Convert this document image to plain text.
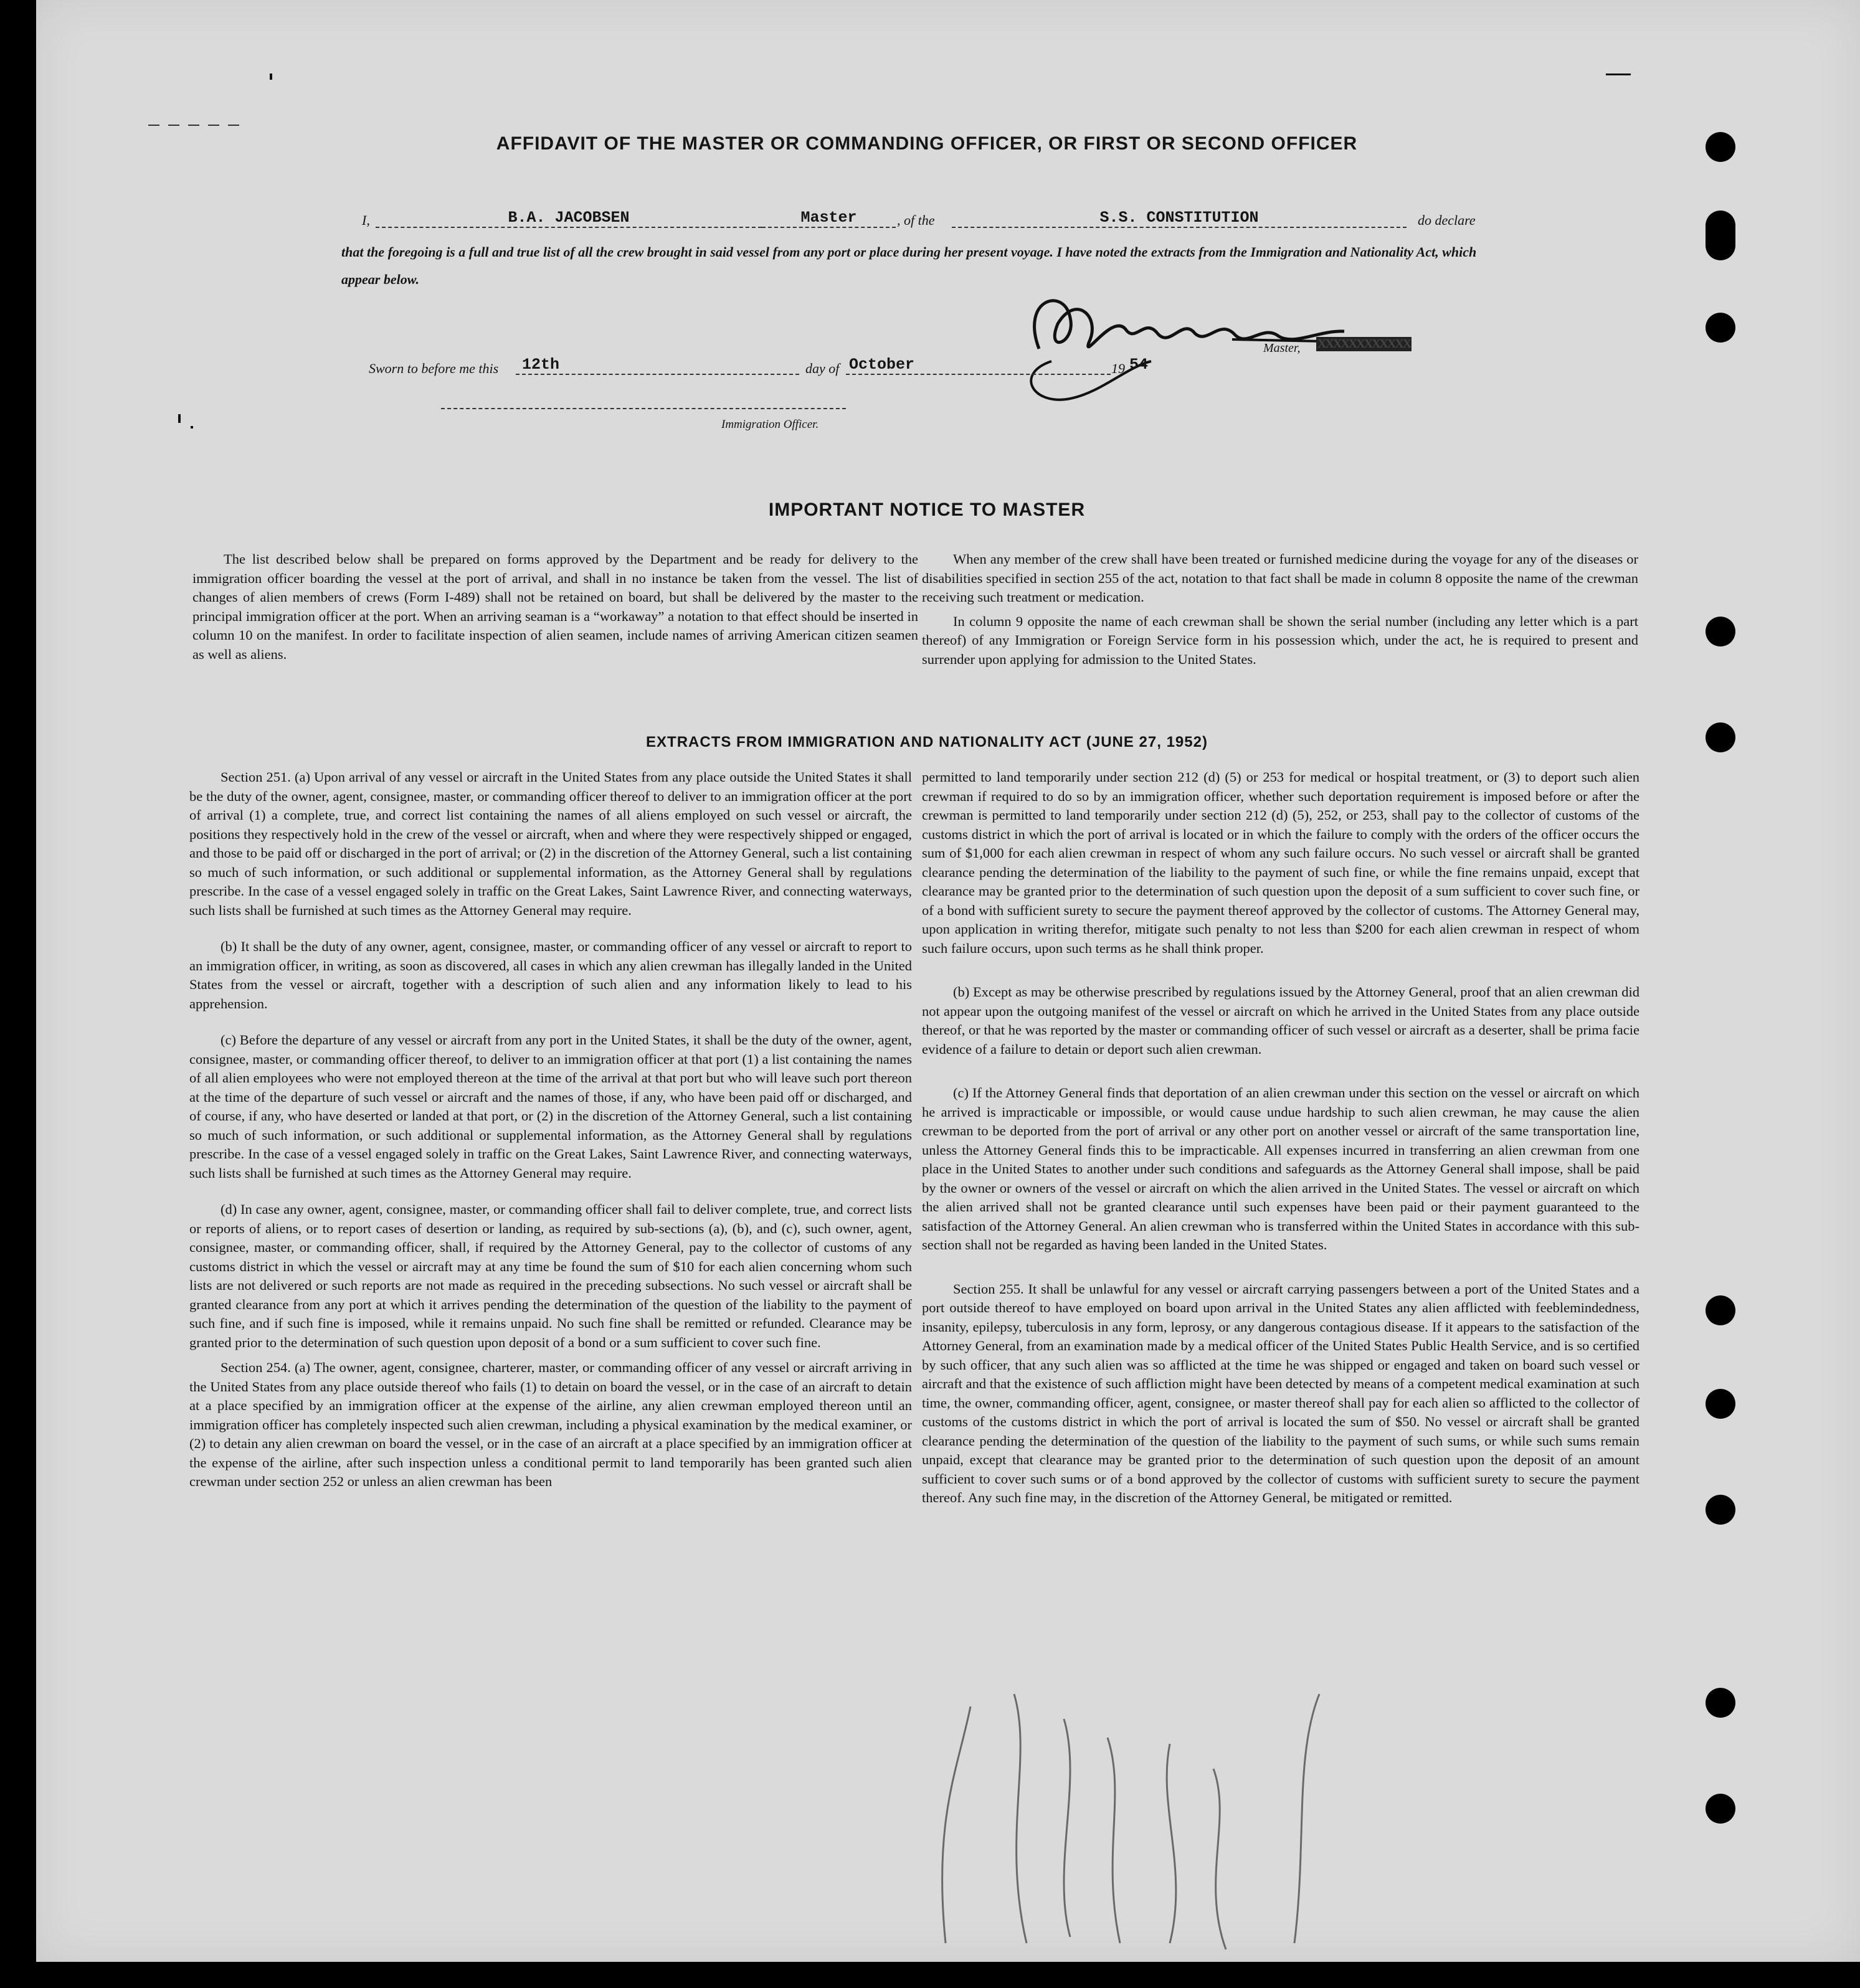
AFFIDAVIT OF THE MASTER OR COMMANDING OFFICER, OR FIRST OR SECOND OFFICER
I,	B.A. JACOBSEN	Master	, of the	S.S. CONSTITUTION	do declare
that the foregoing is a full and true list of all the crew brought in said vessel from any port or place during her present voyage. I have noted the extracts from the Immigration and Nationality Act, which appear below.
Master, XXXXXXXXXXXX
Sworn to before me this	12th	day of October	19 54
Immigration Officer.
IMPORTANT NOTICE TO MASTER

The list described below shall be prepared on forms approved by the Department and be ready for delivery to the immigration officer boarding the vessel at the port of arrival, and shall in no instance be taken from the vessel. The list of changes of alien members of crews (Form I-489) shall not be retained on board, but shall be delivered by the master to the principal immigration officer at the port. When an arriving seaman is a “workaway” a notation to that effect should be inserted in column 10 on the manifest. In order to facilitate inspection of alien seamen, include names of arriving American citizen seamen as well as aliens.

When any member of the crew shall have been treated or furnished medicine during the voyage for any of the diseases or disabilities specified in section 255 of the act, notation to that fact shall be made in column 8 opposite the name of the crewman receiving such treatment or medication.

In column 9 opposite the name of each crewman shall be shown the serial number (including any letter which is a part thereof) of any Immigration or Foreign Service form in his possession which, under the act, he is required to present and surrender upon applying for admission to the United States.

EXTRACTS FROM IMMIGRATION AND NATIONALITY ACT (JUNE 27, 1952)

Section 251. (a) Upon arrival of any vessel or aircraft in the United States from any place outside the United States it shall be the duty of the owner, agent, consignee, master, or commanding officer thereof to deliver to an immigration officer at the port of arrival (1) a complete, true, and correct list containing the names of all aliens employed on such vessel or aircraft, the positions they respectively hold in the crew of the vessel or aircraft, when and where they were respectively shipped or engaged, and those to be paid off or discharged in the port of arrival; or (2) in the discretion of the Attorney General, such a list containing so much of such information, or such additional or supplemental information, as the Attorney General shall by regulations prescribe. In the case of a vessel engaged solely in traffic on the Great Lakes, Saint Lawrence River, and connecting waterways, such lists shall be furnished at such times as the Attorney General may require.

(b) It shall be the duty of any owner, agent, consignee, master, or commanding officer of any vessel or aircraft to report to an immigration officer, in writing, as soon as discovered, all cases in which any alien crewman has illegally landed in the United States from the vessel or aircraft, together with a description of such alien and any information likely to lead to his apprehension.

(c) Before the departure of any vessel or aircraft from any port in the United States, it shall be the duty of the owner, agent, consignee, master, or commanding officer thereof, to deliver to an immigration officer at that port (1) a list containing the names of all alien employees who were not employed thereon at the time of the arrival at that port but who will leave such port thereon at the time of the departure of such vessel or aircraft and the names of those, if any, who have been paid off or discharged, and of course, if any, who have deserted or landed at that port, or (2) in the discretion of the Attorney General, such a list containing so much of such information, or such additional or supplemental information, as the Attorney General shall by regulations prescribe. In the case of a vessel engaged solely in traffic on the Great Lakes, Saint Lawrence River, and connecting waterways, such lists shall be furnished at such times as the Attorney General may require.

(d) In case any owner, agent, consignee, master, or commanding officer shall fail to deliver complete, true, and correct lists or reports of aliens, or to report cases of desertion or landing, as required by sub-sections (a), (b), and (c), such owner, agent, consignee, master, or commanding officer, shall, if required by the Attorney General, pay to the collector of customs of any customs district in which the vessel or aircraft may at any time be found the sum of $10 for each alien concerning whom such lists are not delivered or such reports are not made as required in the preceding subsections. No such vessel or aircraft shall be granted clearance from any port at which it arrives pending the determination of the question of the liability to the payment of such fine, and if such fine is imposed, while it remains unpaid. No such fine shall be remitted or refunded. Clearance may be granted prior to the determination of such question upon deposit of a bond or a sum sufficient to cover such fine.

Section 254. (a) The owner, agent, consignee, charterer, master, or commanding officer of any vessel or aircraft arriving in the United States from any place outside thereof who fails (1) to detain on board the vessel, or in the case of an aircraft to detain at a place specified by an immigration officer at the expense of the airline, any alien crewman employed thereon until an immigration officer has completely inspected such alien crewman, including a physical examination by the medical examiner, or (2) to detain any alien crewman on board the vessel, or in the case of an aircraft at a place specified by an immigration officer at the expense of the airline, after such inspection unless a conditional permit to land temporarily has been granted such alien crewman under section 252 or unless an alien crewman has been

permitted to land temporarily under section 212 (d) (5) or 253 for medical or hospital treatment, or (3) to deport such alien crewman if required to do so by an immigration officer, whether such deportation requirement is imposed before or after the crewman is permitted to land temporarily under section 212 (d) (5), 252, or 253, shall pay to the collector of customs of the customs district in which the port of arrival is located or in which the failure to comply with the orders of the officer occurs the sum of $1,000 for each alien crewman in respect of whom any such failure occurs. No such vessel or aircraft shall be granted clearance pending the determination of the liability to the payment of such fine, or while the fine remains unpaid, except that clearance may be granted prior to the determination of such question upon the deposit of a sum sufficient to cover such fine, or of a bond with sufficient surety to secure the payment thereof approved by the collector of customs. The Attorney General may, upon application in writing therefor, mitigate such penalty to not less than $200 for each alien crewman in respect of whom such failure occurs, upon such terms as he shall think proper.

(b) Except as may be otherwise prescribed by regulations issued by the Attorney General, proof that an alien crewman did not appear upon the outgoing manifest of the vessel or aircraft on which he arrived in the United States from any place outside thereof, or that he was reported by the master or commanding officer of such vessel or aircraft as a deserter, shall be prima facie evidence of a failure to detain or deport such alien crewman.

(c) If the Attorney General finds that deportation of an alien crewman under this section on the vessel or aircraft on which he arrived is impracticable or impossible, or would cause undue hardship to such alien crewman, he may cause the alien crewman to be deported from the port of arrival or any other port on another vessel or aircraft of the same transportation line, unless the Attorney General finds this to be impracticable. All expenses incurred in transferring an alien crewman from one place in the United States to another under such conditions and safeguards as the Attorney General shall impose, shall be paid by the owner or owners of the vessel or aircraft on which the alien arrived in the United States. The vessel or aircraft on which the alien arrived shall not be granted clearance until such expenses have been paid or their payment guaranteed to the satisfaction of the Attorney General. An alien crewman who is transferred within the United States in accordance with this sub-section shall not be regarded as having been landed in the United States.

Section 255. It shall be unlawful for any vessel or aircraft carrying passengers between a port of the United States and a port outside thereof to have employed on board upon arrival in the United States any alien afflicted with feeblemindedness, insanity, epilepsy, tuberculosis in any form, leprosy, or any dangerous contagious disease. If it appears to the satisfaction of the Attorney General, from an examination made by a medical officer of the United States Public Health Service, and is so certified by such officer, that any such alien was so afflicted at the time he was shipped or engaged and taken on board such vessel or aircraft and that the existence of such affliction might have been detected by means of a competent medical examination at such time, the owner, commanding officer, agent, consignee, or master thereof shall pay for each alien so afflicted to the collector of customs of the customs district in which the port of arrival is located the sum of $50. No vessel or aircraft shall be granted clearance pending the determination of the question of the liability to the payment of such sums, or while such sums remain unpaid, except that clearance may be granted prior to the determination of such question upon the deposit of an amount sufficient to cover such sums or of a bond approved by the collector of customs with sufficient surety to secure the payment thereof. Any such fine may, in the discretion of the Attorney General, be mitigated or remitted.
